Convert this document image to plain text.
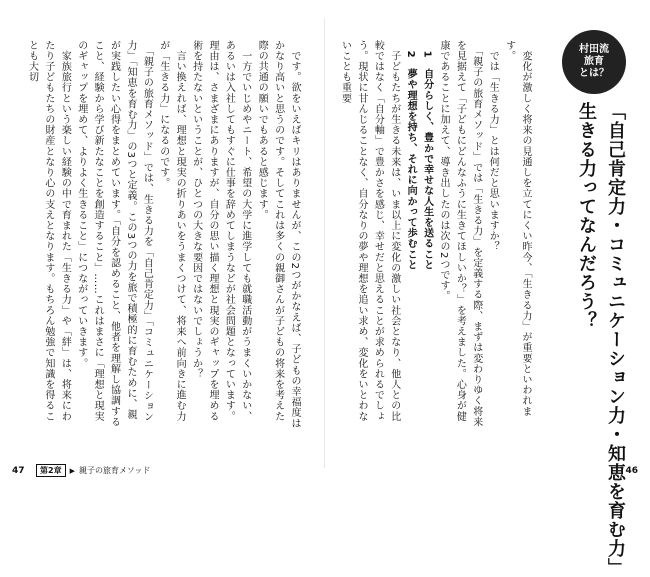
村田流
旅育
とは？
生きる力ってなんだろう？ 「自己肯定力・コミュニケーション力・知恵を育む力」
　変化が激しく将来の見通しを立てにくい昨今、「生きる力」が重要といわれます。
　では「生きる力」とは何だと思いますか？
　「親子の旅育メソッド」では「生きる力」を定義する際、まずは変わりゆく将来を見据えて「子どもにどんなふうに生きてほしいか？」を考えました。心身が健康であることに加えて、導き出したのは次の2つです。
　1　自分らしく、豊かで幸せな人生を送ること
　2　夢や理想を持ち、それに向かって歩むこと
　子どもたちが生きる未来は、いま以上に変化の激しい社会となり、他人との比較ではなく「自分軸」で豊かさを感じ、幸せだと思えることが求められるでしょう。現状に甘んじることなく、自分なりの夢や理想を追い求め、変化をいとわないことも重要
　です。欲をいえばキリはありませんが、この2つがかなえば、子どもの幸福度はかなり高いと思うのです。そしてこれは多くの親御さんが子どもの将来を考えた際の共通の願いでもあると感じます。
　一方でいじめやニート、希望の大学に進学しても就職活動がうまくいかない、あるいは入社してもすぐに仕事を辞めてしまうなどが社会問題となっています。理由は、さまざまにありますが、自分の思い描く理想と現実のギャップを埋める術を持たないということが、ひとつの大きな要因ではないでしょうか？
　言い換えれば、理想と現実の折りあいをうまくつけて、将来へ前向きに進む力が「生きる力」になるのです。
　「親子の旅育メソッド」では、生きる力を「自己肯定力」「コミュニケーション力」「知恵を育む力」の3つと定義。この3つの力を旅で積極的に育むために、親が実践したい心得をまとめています。「自分を認めること、他者を理解し協調すること、経験から学び新たなことを創造すること」……これはまさに「理想と現実のギャップを埋めて、よりよく生きること」につながっていきます。
　家族旅行という楽しい経験の中で育まれた「生きる力」や「絆」は、将来にわたり子どもたちの財産となり心の支えとなります。もちろん勉強で知識を得ることも大切
47	第2章	▶ 親子の旅育メソッド	46
